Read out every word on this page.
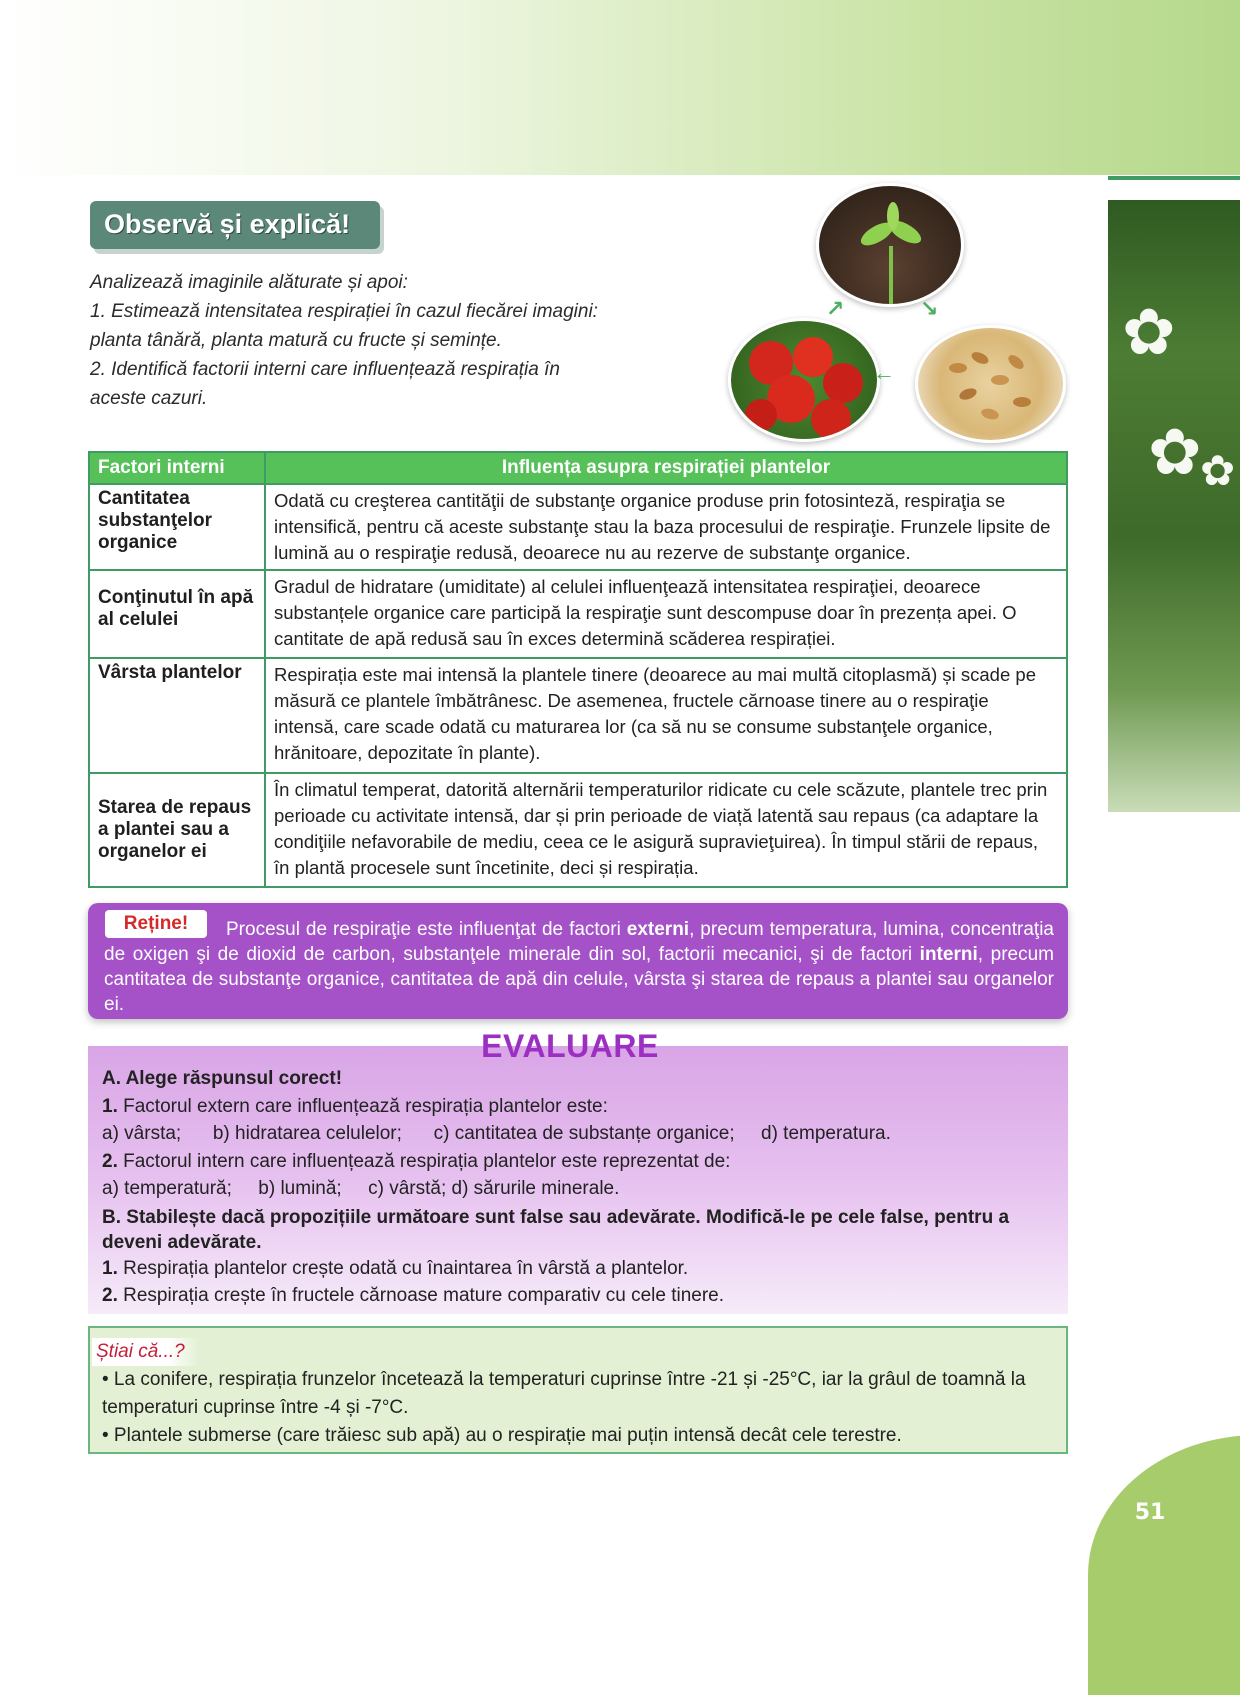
✿
✿
✿
Observă și explică!
Analizează imaginile alăturate și apoi:
1. Estimează intensitatea respirației în cazul fiecărei imagini:
planta tânără, planta matură cu fructe și semințe.
2. Identifică factorii interni care influențează respirația în
aceste cazuri.
↗	↘
←
Factori interni	Influența asupra respirației plantelor
Cantitatea substanţelor organice	Odată cu creşterea cantităţii de substanţe organice produse prin fotosinteză, respiraţia se intensifică, pentru că aceste substanţe stau la baza procesului de respiraţie. Frunzele lipsite de lumină au o respiraţie redusă, deoarece nu au rezerve de substanţe organice.
Conţinutul în apă al celulei	Gradul de hidratare (umiditate) al celulei influenţează intensitatea respiraţiei, deoarece substanțele organice care participă la respiraţie sunt descompuse doar în prezența apei. O cantitate de apă redusă sau în exces determină scăderea respirației.
Vârsta plantelor	Respirația este mai intensă la plantele tinere (deoarece au mai multă citoplasmă) și scade pe măsură ce plantele îmbătrânesc. De asemenea, fructele cărnoase tinere au o respiraţie intensă, care scade odată cu maturarea lor (ca să nu se consume substanţele organice, hrănitoare, depozitate în plante).
Starea de repaus a plantei sau a organelor ei	În climatul temperat, datorită alternării temperaturilor ridicate cu cele scăzute, plantele trec prin perioade cu activitate intensă, dar și prin perioade de viață latentă sau repaus (ca adaptare la condiţiile nefavorabile de mediu, ceea ce le asigură supravieţuirea). În timpul stării de repaus, în plantă procesele sunt încetinite, deci și respirația.
Procesul de respiraţie este influenţat de factori externi, precum temperatura, lumina, concentraţia de oxigen şi de dioxid de carbon, substanţele minerale din sol, factorii mecanici, şi de factori interni, precum cantitatea de substanţe organice, cantitatea de apă din celule, vârsta şi starea de repaus a plantei sau organelor ei.
Reține!
EVALUARE
A. Alege răspunsul corect!
1. Factorul extern care influențează respirația plantelor este:
a) vârsta;      b) hidratarea celulelor;      c) cantitatea de substanțe organice;     d) temperatura.
2. Factorul intern care influențează respirația plantelor este reprezentat de:
a) temperatură;     b) lumină;     c) vârstă; d) sărurile minerale.
B. Stabilește dacă propozițiile următoare sunt false sau adevărate. Modifică-le pe cele false, pentru a deveni adevărate.
1. Respirația plantelor crește odată cu înaintarea în vârstă a plantelor.
2. Respirația crește în fructele cărnoase mature comparativ cu cele tinere.
Știai că...?
• La conifere, respirația frunzelor încetează la temperaturi cuprinse între -21 și -25°C, iar la grâul de toamnă la temperaturi cuprinse între -4 și -7°C.
• Plantele submerse (care trăiesc sub apă) au o respirație mai puțin intensă decât cele terestre.
51
